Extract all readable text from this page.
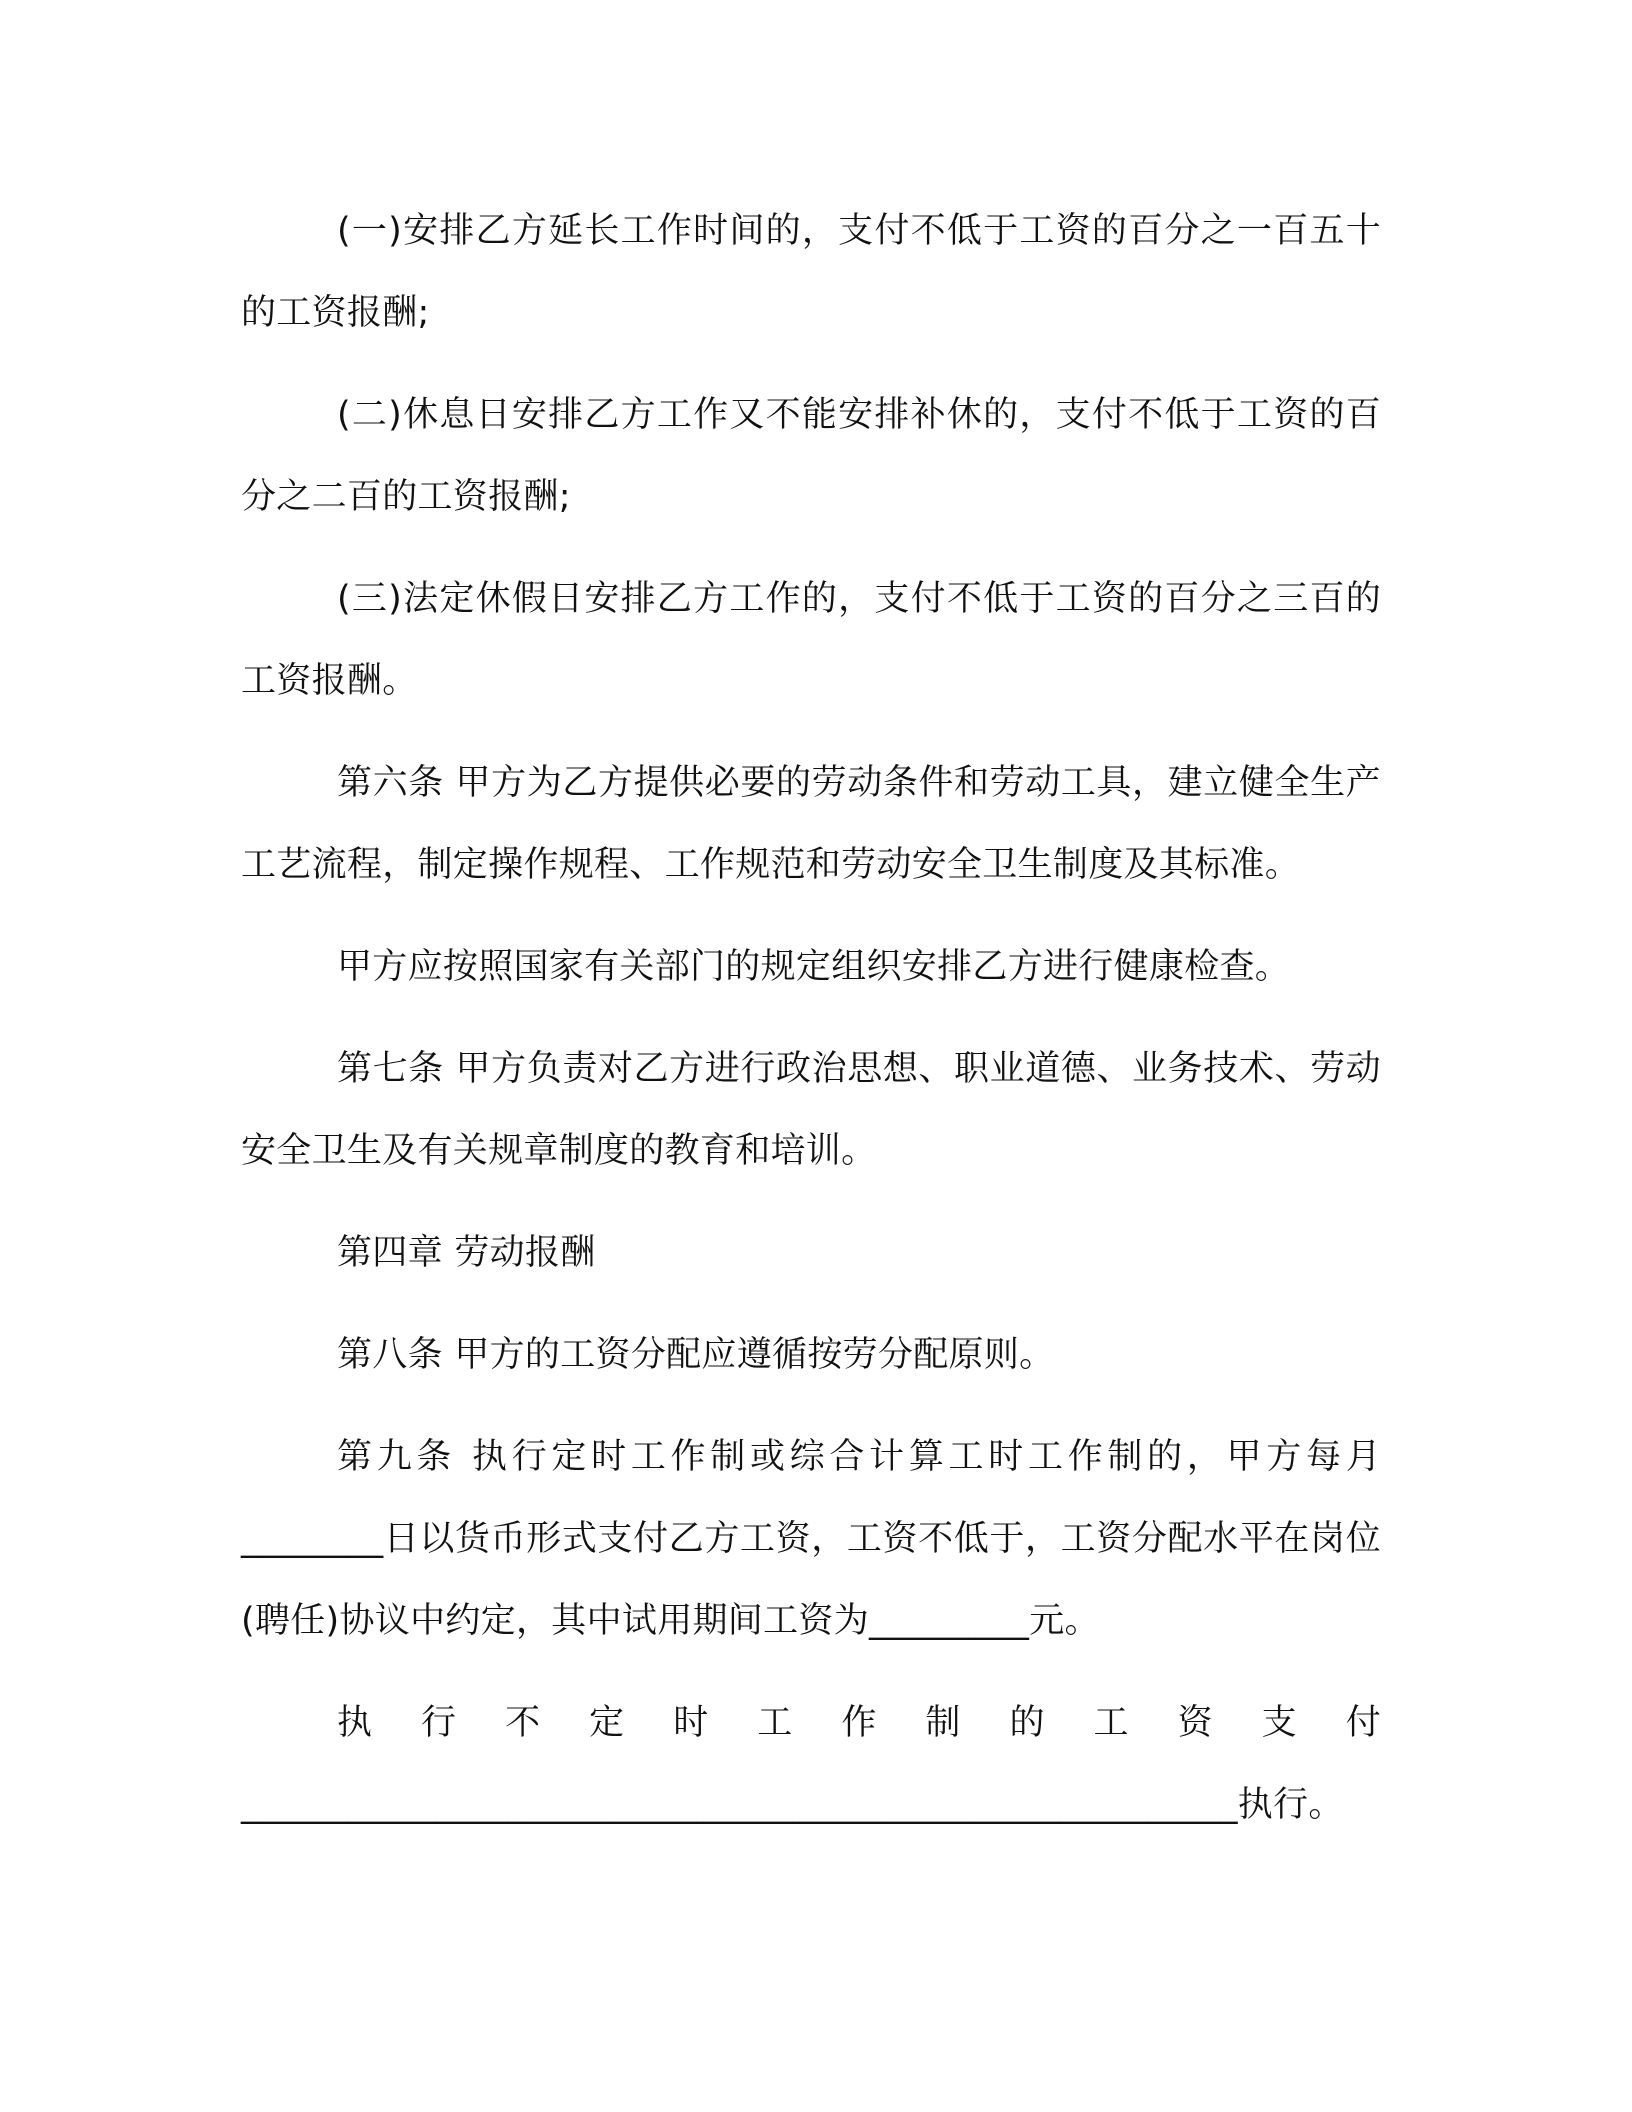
(一)安排乙方延长工作时间的，支付不低于工资的百分之一百五十的工资报酬;

(二)休息日安排乙方工作又不能安排补休的，支付不低于工资的百分之二百的工资报酬;

(三)法定休假日安排乙方工作的，支付不低于工资的百分之三百的工资报酬。

第六条 甲方为乙方提供必要的劳动条件和劳动工具，建立健全生产工艺流程，制定操作规程、工作规范和劳动安全卫生制度及其标准。

甲方应按照国家有关部门的规定组织安排乙方进行健康检查。

第七条 甲方负责对乙方进行政治思想、职业道德、业务技术、劳动安全卫生及有关规章制度的教育和培训。

第四章 劳动报酬

第八条 甲方的工资分配应遵循按劳分配原则。

第九条 执行定时工作制或综合计算工时工作制的，甲方每月________日以货币形式支付乙方工资，工资不低于，工资分配水平在岗位(聘任)协议中约定，其中试用期间工资为_________元。

执行不定时工作制的工资支付 ________________________________________________________执行。
